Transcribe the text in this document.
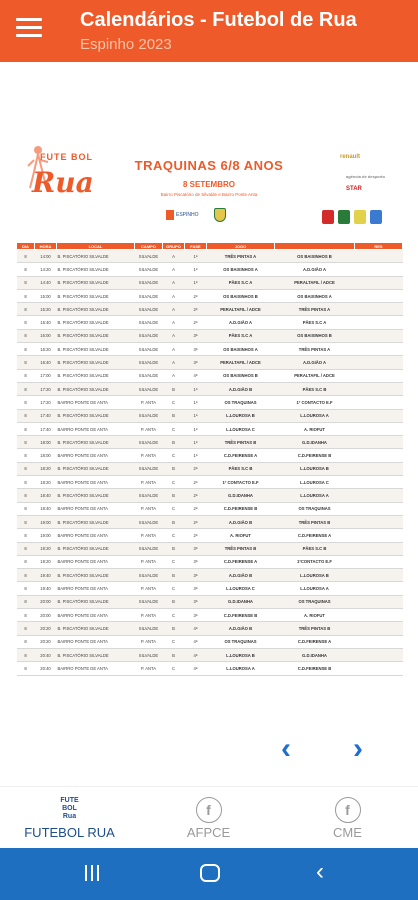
Calendários - Futebol de Rua
Espinho 2023
FUTE BOL
Rua
TRAQUINAS 6/8 ANOS
8 SETEMBRO
Bairro Piscatório de Silvalde e Bairro Ponte Anta
ESPINHO
renault
agência de desporto
STAR
DIA	HORA	LOCAL	CAMPO	GRUPO	FASE	JOGO		RES
8	14:00	B. PISCATÓRIO SILVALDE	SILVALDE	A	1ª	TRÊS PINTAS A	OS BAIXINHOS B	
8	14:20	B. PISCATÓRIO SILVALDE	SILVALDE	A	1ª	OS BAIXINHOS A	A.D.GIÃO A	
8	14:40	B. PISCATÓRIO SILVALDE	SILVALDE	A	1ª	PÃES S.C A	PERALTAFIL / ADCE	
8	15:00	B. PISCATÓRIO SILVALDE	SILVALDE	A	2ª	OS BAIXINHOS B	OS BAIXINHOS A	
8	15:20	B. PISCATÓRIO SILVALDE	SILVALDE	A	2ª	PERALTAFIL / ADCE	TRÊS PINTAS A	
8	15:40	B. PISCATÓRIO SILVALDE	SILVALDE	A	2ª	A.D.GIÃO A	PÃES S.C A	
8	16:00	B. PISCATÓRIO SILVALDE	SILVALDE	A	3ª	PÃES S.C A	OS BAIXINHOS B	
8	16:20	B. PISCATÓRIO SILVALDE	SILVALDE	A	3ª	OS BAIXINHOS A	TRÊS PINTAS A	
8	16:40	B. PISCATÓRIO SILVALDE	SILVALDE	A	3ª	PERALTAFIL / ADCE	A.D.GIÃO A	
8	17:00	B. PISCATÓRIO SILVALDE	SILVALDE	A	4ª	OS BAIXINHOS B	PERALTAFIL / ADCE	
8	17:20	B. PISCATÓRIO SILVALDE	SILVALDE	B	1ª	A.D.GIÃO B	PÃES S.C B	
8	17:20	BAIRRO PONTE DE ANTA	P. ANTA	C	1ª	OS TRAQUINAS	1º CONTACTO E.F	
8	17:40	B. PISCATÓRIO SILVALDE	SILVALDE	B	1ª	L.LOUROSA B	L.LOUROSA A	
8	17:40	BAIRRO PONTE DE ANTA	P. ANTA	C	1ª	L.LOUROSA C	A. RIOFUT	
8	18:00	B. PISCATÓRIO SILVALDE	SILVALDE	B	1ª	TRÊS PINTAS B	G.D.IDANHA	
8	18:00	BAIRRO PONTE DE ANTA	P. ANTA	C	1ª	C.D.FEIRENSE A	C.D.FEIRENSE B	
8	18:20	B. PISCATÓRIO SILVALDE	SILVALDE	B	2ª	PÃES S.C B	L.LOUROSA B	
8	18:20	BAIRRO PONTE DE ANTA	P. ANTA	C	2ª	1º CONTACTO E.F	L.LOUROSA C	
8	18:40	B. PISCATÓRIO SILVALDE	SILVALDE	B	2ª	G.D.IDANHA	L.LOUROSA A	
8	18:40	BAIRRO PONTE DE ANTA	P. ANTA	C	2ª	C.D.FEIRENSE B	OS TRAQUINAS	
8	19:00	B. PISCATÓRIO SILVALDE	SILVALDE	B	2ª	A.D.GIÃO B	TRÊS PINTAS B	
8	19:00	BAIRRO PONTE DE ANTA	P. ANTA	C	2ª	A. RIOFUT	C.D.FEIRENSE A	
8	19:20	B. PISCATÓRIO SILVALDE	SILVALDE	B	3ª	TRÊS PINTAS B	PÃES S.C B	
8	19:20	BAIRRO PONTE DE ANTA	P. ANTA	C	3ª	C.D.FEIRENSE A	1ºCONTACTO E.F	
8	19:40	B. PISCATÓRIO SILVALDE	SILVALDE	B	3ª	A.D.GIÃO B	L.LOUROSA B	
8	19:40	BAIRRO PONTE DE ANTA	P. ANTA	C	3ª	L.LOUROSA C	L.LOUROSA A	
8	20:00	B. PISCATÓRIO SILVALDE	SILVALDE	B	3ª	G.D.IDANHA	OS TRAQUINAS	
8	20:00	BAIRRO PONTE DE ANTA	P. ANTA	C	3ª	C.D.FEIRENSE B	A. RIOFUT	
8	20:20	B. PISCATÓRIO SILVALDE	SILVALDE	B	4ª	A.D.GIÃO B	TRÊS PINTAS B	
8	20:20	BAIRRO PONTE DE ANTA	P. ANTA	C	4ª	OS TRAQUINAS	C.D.FEIRENSE A	
8	20:40	B. PISCATÓRIO SILVALDE	SILVALDE	B	4ª	L.LOUROSA B	G.D.IDANHA	
8	20:40	BAIRRO PONTE DE ANTA	P. ANTA	C	4ª	L.LOUROSA A	C.D.FEIRENSE B	
‹ ›
FUTE BOL Rua
FUTEBOL RUA
f
AFPCE
f
CME
‹
